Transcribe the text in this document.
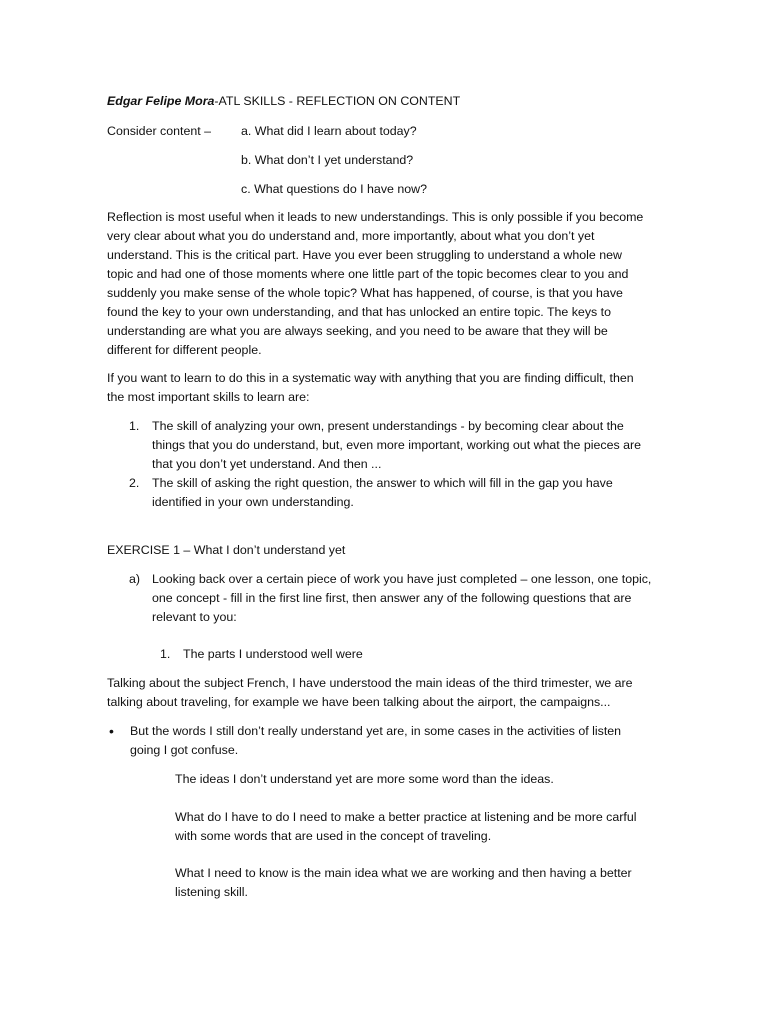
Edgar Felipe Mora-ATL SKILLS - REFLECTION ON CONTENT
Consider content – a. What did I learn about today?
b. What don’t I yet understand?
c. What questions do I have now?
Reflection is most useful when it leads to new understandings. This is only possible if you become
very clear about what you do understand and, more importantly, about what you don’t yet
understand. This is the critical part. Have you ever been struggling to understand a whole new
topic and had one of those moments where one little part of the topic becomes clear to you and
suddenly you make sense of the whole topic? What has happened, of course, is that you have
found the key to your own understanding, and that has unlocked an entire topic. The keys to
understanding are what you are always seeking, and you need to be aware that they will be
different for different people.
If you want to learn to do this in a systematic way with anything that you are finding difficult, then
the most important skills to learn are:
1.	The skill of analyzing your own, present understandings - by becoming clear about the
things that you do understand, but, even more important, working out what the pieces are
that you don’t yet understand. And then ...
2.	The skill of asking the right question, the answer to which will fill in the gap you have
identified in your own understanding.
EXERCISE 1 – What I don’t understand yet
a) Looking back over a certain piece of work you have just completed – one lesson, one topic,
one concept - fill in the first line first, then answer any of the following questions that are
relevant to you:
1. The parts I understood well were
Talking about the subject French, I have understood the main ideas of the third trimester, we are
talking about traveling, for example we have been talking about the airport, the campaigns...
• But the words I still don’t really understand yet are, in some cases in the activities of listen
going I got confuse.
The ideas I don’t understand yet are more some word than the ideas.
What do I have to do I need to make a better practice at listening and be more carful
with some words that are used in the concept of traveling.
What I need to know is the main idea what we are working and then having a better
listening skill.
